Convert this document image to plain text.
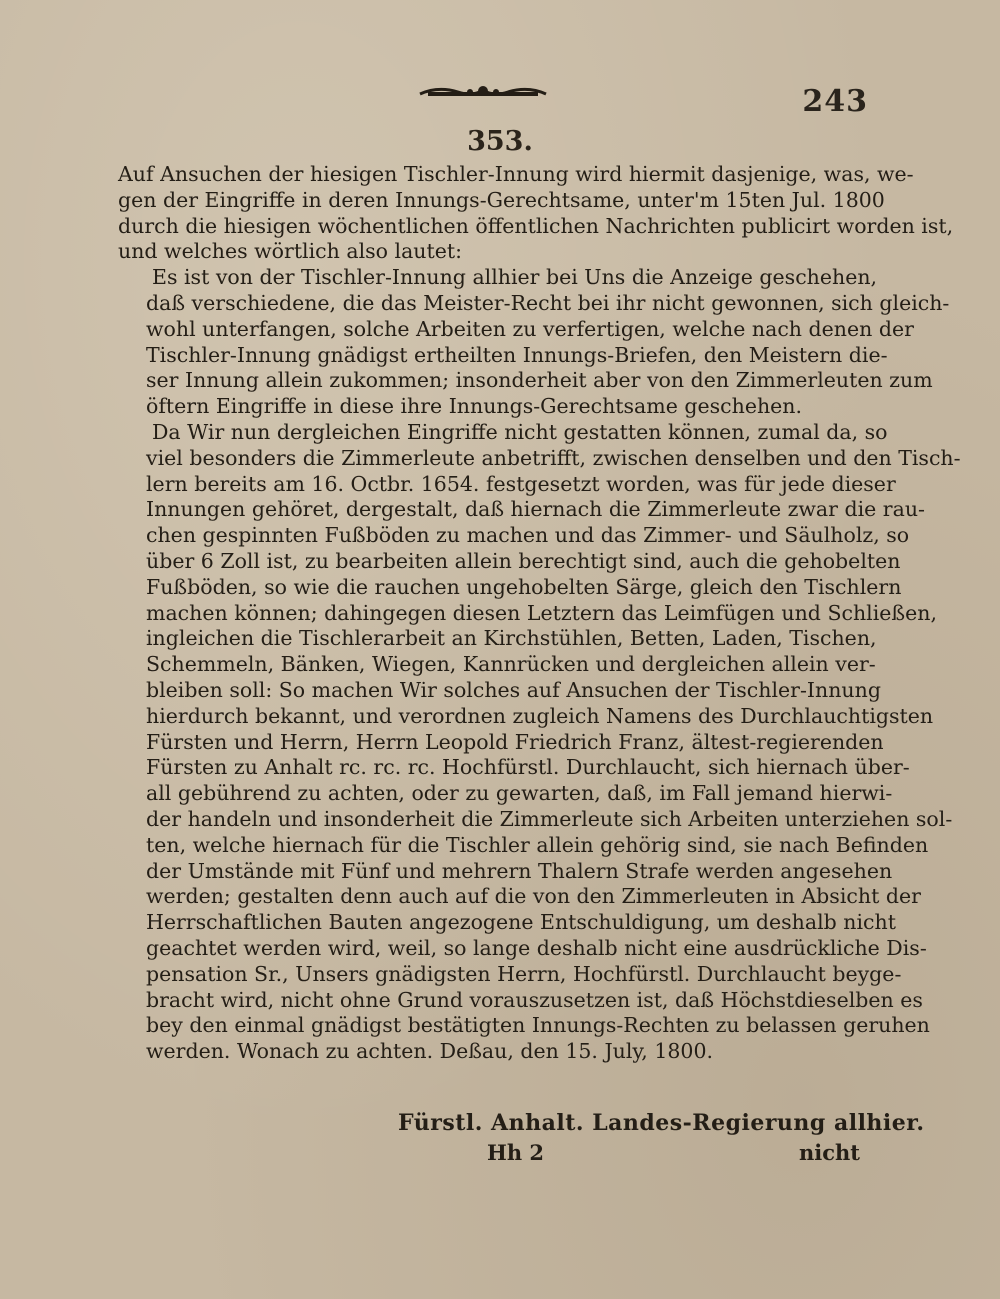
243
353.
Auf Ansuchen der hiesigen Tischler-Innung wird hiermit dasjenige, was, we-
gen der Eingriffe in deren Innungs-Gerechtsame, unter'm 15ten Jul. 1800
durch die hiesigen wöchentlichen öffentlichen Nachrichten publicirt worden ist,
und welches wörtlich also lautet:
Es ist von der Tischler-Innung allhier bei Uns die Anzeige geschehen,
daß verschiedene, die das Meister-Recht bei ihr nicht gewonnen, sich gleich-
wohl unterfangen, solche Arbeiten zu verfertigen, welche nach denen der
Tischler-Innung gnädigst ertheilten Innungs-Briefen, den Meistern die-
ser Innung allein zukommen; insonderheit aber von den Zimmerleuten zum
öftern Eingriffe in diese ihre Innungs-Gerechtsame geschehen.
Da Wir nun dergleichen Eingriffe nicht gestatten können, zumal da, so
viel besonders die Zimmerleute anbetrifft, zwischen denselben und den Tisch-
lern bereits am 16. Octbr. 1654. festgesetzt worden, was für jede dieser
Innungen gehöret, dergestalt, daß hiernach die Zimmerleute zwar die rau-
chen gespinnten Fußböden zu machen und das Zimmer- und Säulholz, so
über 6 Zoll ist, zu bearbeiten allein berechtigt sind, auch die gehobelten
Fußböden, so wie die rauchen ungehobelten Särge, gleich den Tischlern
machen können; dahingegen diesen Letztern das Leimfügen und Schließen,
ingleichen die Tischlerarbeit an Kirchstühlen, Betten, Laden, Tischen,
Schemmeln, Bänken, Wiegen, Kannrücken und dergleichen allein ver-
bleiben soll: So machen Wir solches auf Ansuchen der Tischler-Innung
hierdurch bekannt, und verordnen zugleich Namens des Durchlauchtigsten
Fürsten und Herrn, Herrn Leopold Friedrich Franz, ältest-regierenden
Fürsten zu Anhalt rc. rc. rc. Hochfürstl. Durchlaucht, sich hiernach über-
all gebührend zu achten, oder zu gewarten, daß, im Fall jemand hierwi-
der handeln und insonderheit die Zimmerleute sich Arbeiten unterziehen sol-
ten, welche hiernach für die Tischler allein gehörig sind, sie nach Befinden
der Umstände mit Fünf und mehrern Thalern Strafe werden angesehen
werden; gestalten denn auch auf die von den Zimmerleuten in Absicht der
Herrschaftlichen Bauten angezogene Entschuldigung, um deshalb nicht
geachtet werden wird, weil, so lange deshalb nicht eine ausdrückliche Dis-
pensation Sr., Unsers gnädigsten Herrn, Hochfürstl. Durchlaucht beyge-
bracht wird, nicht ohne Grund vorauszusetzen ist, daß Höchstdieselben es
bey den einmal gnädigst bestätigten Innungs-Rechten zu belassen geruhen
werden. Wonach zu achten. Deßau, den 15. July, 1800.
Fürstl. Anhalt. Landes-Regierung allhier.
Hh 2	nicht
